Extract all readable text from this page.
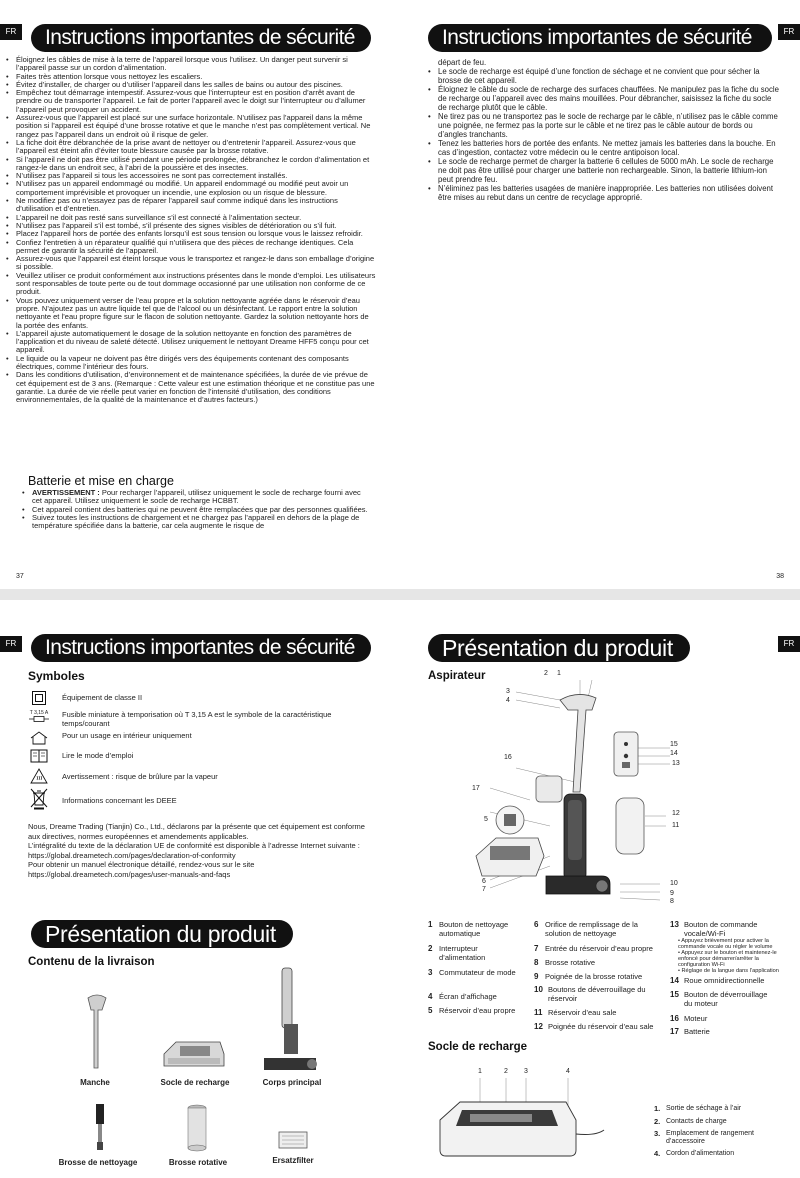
FR	Instructions importantes de sécurité
• Éloignez les câbles de mise à la terre de l’appareil lorsque vous l’utilisez. Un danger peut survenir si l’appareil passe sur un cordon d’alimentation.
• Faites très attention lorsque vous nettoyez les escaliers.
• Évitez d’installer, de charger ou d’utiliser l’appareil dans les salles de bains ou autour des piscines.
• Empêchez tout démarrage intempestif. Assurez-vous que l’interrupteur est en position d’arrêt avant de prendre ou de transporter l’appareil. Le fait de porter l’appareil avec le doigt sur l’interrupteur ou d’allumer l’appareil peut provoquer un accident.
• Assurez-vous que l’appareil est placé sur une surface horizontale. N’utilisez pas l’appareil dans la même position si l’appareil est équipé d’une brosse rotative et que le manche n’est pas complètement vertical. Ne rangez pas l’appareil dans un endroit où il risque de geler.
• La fiche doit être débranchée de la prise avant de nettoyer ou d’entretenir l’appareil. Assurez-vous que l’appareil est éteint afin d’éviter toute blessure causée par la brosse rotative.
• Si l’appareil ne doit pas être utilisé pendant une période prolongée, débranchez le cordon d’alimentation et rangez-le dans un endroit sec, à l’abri de la poussière et des insectes.
• N’utilisez pas l’appareil si tous les accessoires ne sont pas correctement installés.
• N’utilisez pas un appareil endommagé ou modifié. Un appareil endommagé ou modifié peut avoir un comportement imprévisible et provoquer un incendie, une explosion ou un risque de blessure.
• Ne modifiez pas ou n’essayez pas de réparer l’appareil sauf comme indiqué dans les instructions d’utilisation et d’entretien.
• L’appareil ne doit pas resté sans surveillance s’il est connecté à l’alimentation secteur.
• N’utilisez pas l’appareil s’il est tombé, s’il présente des signes visibles de détérioration ou s’il fuit.
• Placez l’appareil hors de portée des enfants lorsqu’il est sous tension ou lorsque vous le laissez refroidir.
• Confiez l’entretien à un réparateur qualifié qui n’utilisera que des pièces de rechange identiques. Cela permet de garantir la sécurité de l’appareil.
• Assurez-vous que l’appareil est éteint lorsque vous le transportez et rangez-le dans son emballage d’origine si possible.
• Veuillez utiliser ce produit conformément aux instructions présentes dans le monde d’emploi. Les utilisateurs sont responsables de toute perte ou de tout dommage occasionné par une utilisation non conforme de ce produit.
• Vous pouvez uniquement verser de l’eau propre et la solution nettoyante agréée dans le réservoir d’eau propre. N’ajoutez pas un autre liquide tel que de l’alcool ou un désinfectant. Le rapport entre la solution nettoyante et l’eau propre figure sur le flacon de solution nettoyante. Gardez la solution nettoyante hors de la portée des enfants.
• L’appareil ajuste automatiquement le dosage de la solution nettoyante en fonction des paramètres de l’application et du niveau de saleté détecté. Utilisez uniquement le nettoyant Dreame HFF5 conçu pour cet appareil.
• Le liquide ou la vapeur ne doivent pas être dirigés vers des équipements contenant des composants électriques, comme l’intérieur des fours.
• Dans les conditions d’utilisation, d’environnement et de maintenance spécifiées, la durée de vie prévue de cet équipement est de 3 ans. (Remarque : Cette valeur est une estimation théorique et ne constitue pas une garantie. La durée de vie réelle peut varier en fonction de l’intensité d’utilisation, des conditions environnementales, de la qualité de la maintenance et d’autres facteurs.)
Batterie et mise en charge
• AVERTISSEMENT : Pour recharger l’appareil, utilisez uniquement le socle de recharge fourni avec cet appareil. Utilisez uniquement le socle de recharge HCBBT.
• Cet appareil contient des batteries qui ne peuvent être remplacées que par des personnes qualifiées.
• Suivez toutes les instructions de chargement et ne chargez pas l’appareil en dehors de la plage de température spécifiée dans la batterie, car cela augmente le risque de
37
FR
Instructions importantes de sécurité
départ de feu.
• Le socle de recharge est équipé d’une fonction de séchage et ne convient que pour sécher la brosse de cet appareil.
• Éloignez le câble du socle de recharge des surfaces chauffées. Ne manipulez pas la fiche du socle de recharge ou l’appareil avec des mains mouillées. Pour débrancher, saisissez la fiche du socle de recharge plutôt que le câble.
• Ne tirez pas ou ne transportez pas le socle de recharge par le câble, n’utilisez pas le câble comme une poignée, ne fermez pas la porte sur le câble et ne tirez pas le câble autour de bords ou d’angles tranchants.
• Tenez les batteries hors de portée des enfants. Ne mettez jamais les batteries dans la bouche. En cas d’ingestion, contactez votre médecin ou le centre antipoison local.
• Le socle de recharge permet de charger la batterie 6 cellules de 5000 mAh. Le socle de recharge ne doit pas être utilisé pour charger une batterie non rechargeable. Sinon, la batterie lithium-ion peut prendre feu.
• N’éliminez pas les batteries usagées de manière inappropriée. Les batteries non utilisées doivent être mises au rebut dans un centre de recyclage approprié.
38
FR	Instructions importantes de sécurité
Symboles
Équipement de classe II
T 3,15 A Fusible miniature à temporisation où T 3,15 A est le symbole de la caractéristique temps/courant
Pour un usage en intérieur uniquement
Lire le mode d’emploi
Avertissement : risque de brûlure par la vapeur
Informations concernant les DEEE
Nous, Dreame Trading (Tianjin) Co., Ltd., déclarons par la présente que cet équipement est conforme aux directives, normes européennes et amendements applicables.
L’intégralité du texte de la déclaration UE de conformité est disponible à l’adresse Internet suivante :
https://global.dreametech.com/pages/declaration-of-conformity
Pour obtenir un manuel électronique détaillé, rendez-vous sur le site
https://global.dreametech.com/pages/user-manuals-and-faqs
Présentation du produit
Contenu de la livraison
Manche	Socle de recharge	Corps principal
Brosse de nettoyage	Brosse rotative	Ersatzfilter
FR
Présentation du produit
Aspirateur	2 1
3
4
5
6
7
8
9
10
11
12
13
14
15
16
17
1 Bouton de nettoyage automatique
2 Interrupteur d’alimentation
3 Commutateur de mode
4 Écran d’affichage
5 Réservoir d’eau propre
6 Orifice de remplissage de la solution de nettoyage
7 Entrée du réservoir d’eau propre
8 Brosse rotative
9 Poignée de la brosse rotative
10 Boutons de déverrouillage du réservoir
11 Réservoir d’eau sale
12 Poignée du réservoir d’eau sale
13 Bouton de commande vocale/Wi-Fi
• Appuyez brièvement pour activer la commande vocale ou régler le volume
• Appuyez sur le bouton et maintenez-le enfoncé pour démarrer/arrêter la configuration Wi-Fi
• Réglage de la langue dans l’application
14 Roue omnidirectionnelle
15 Bouton de déverrouillage du moteur
16 Moteur
17 Batterie
Socle de recharge
1	2 3	4
1. Sortie de séchage à l’air
2. Contacts de charge
3. Emplacement de rangement d’accessoire
4. Cordon d’alimentation
